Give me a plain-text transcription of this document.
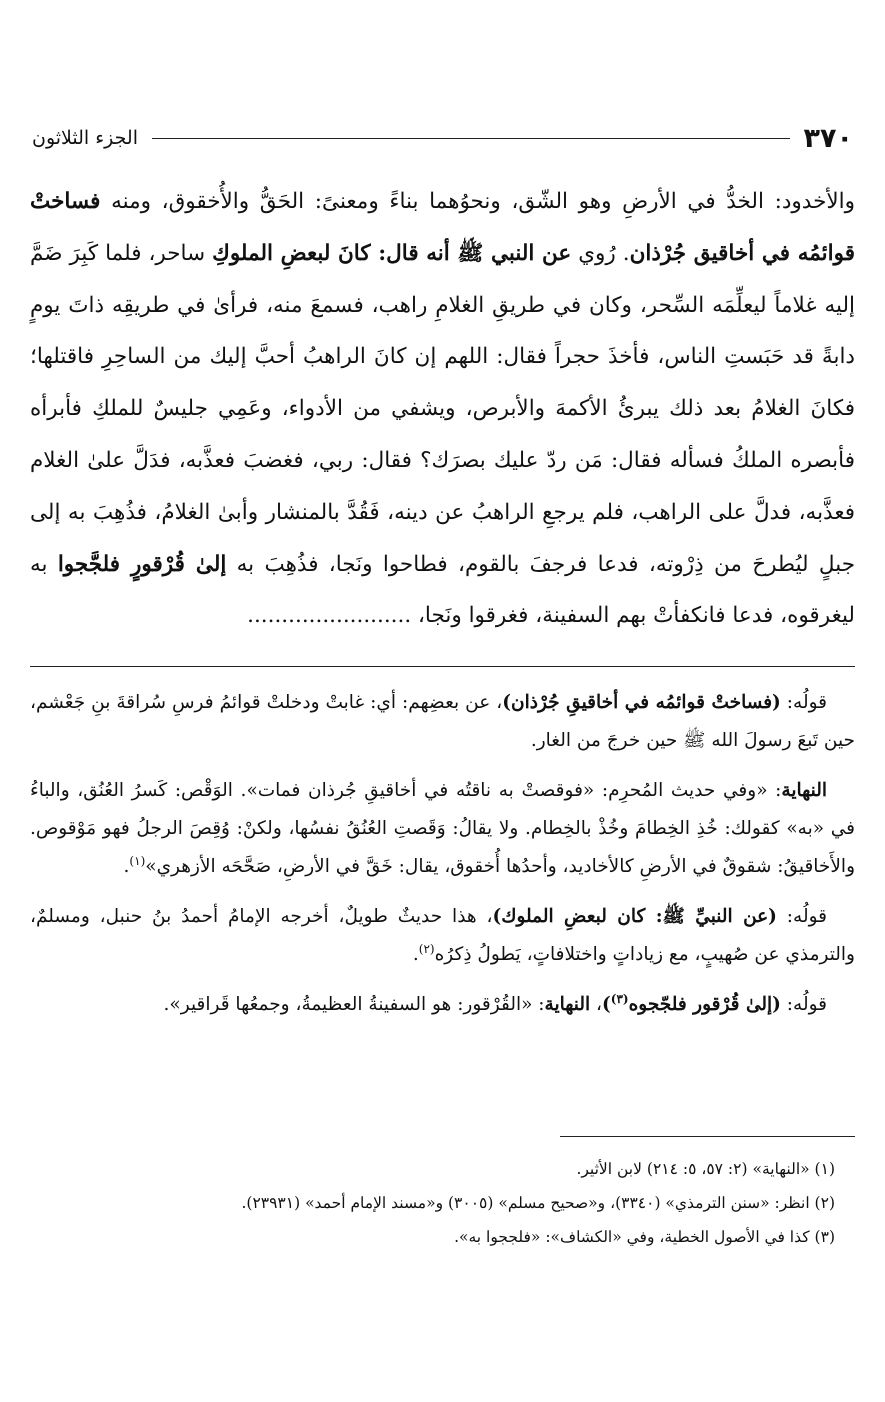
٣٧٠
الجزء الثلاثون

والأخدود: الخدُّ في الأرضِ وهو الشّق، ونحوُهما بناءً ومعنىً: الحَقُّ والأُخقوق، ومنه فساختْ قوائمُه في أخاقيق جُرْذان. رُوي عن النبي ﷺ أنه قال: كانَ لبعضِ الملوكِ ساحر، فلما كَبِرَ ضَمَّ إليه غلاماً ليعلِّمَه السِّحر، وكان في طريقِ الغلامِ راهب، فسمعَ منه، فرأىٰ في طريقِه ذاتَ يومٍ دابةً قد حَبَستِ الناس، فأخذَ حجراً فقال: اللهم إن كانَ الراهبُ أحبَّ إليك من الساحِرِ فاقتلها؛ فكانَ الغلامُ بعد ذلك يبرئُ الأكمهَ والأبرص، ويشفي من الأدواء، وعَمِي جليسٌ للملكِ فأبرأه فأبصره الملكُ فسأله فقال: مَن ردّ عليك بصرَك؟ فقال: ربي، فغضبَ فعذَّبه، فدَلَّ علىٰ الغلام فعذَّبه، فدلَّ على الراهب، فلم يرجعِ الراهبُ عن دينه، فَقُدَّ بالمنشار وأبىٰ الغلامُ، فذُهِبَ به إلى جبلٍ ليُطرحَ من ذِرْوته، فدعا فرجفَ بالقوم، فطاحوا ونَجا، فذُهِبَ به إلىٰ قُرْقورٍ فلجَّجوا به ليغرقوه، فدعا فانكفأتْ بهم السفينة، فغرقوا ونَجا، ........................

قولُه: (فساختْ قوائمُه في أخاقيقِ جُرْذان)، عن بعضِهم: أي: غابتْ ودخلتْ قوائمُ فرسِ سُراقةَ بنِ جَعْشم، حين تَبعَ رسولَ الله ﷺ حين خرجَ من الغار.

النهاية: «وفي حديث المُحرِم: «فوقصتْ به ناقتُه في أخاقيقِ جُرذان فمات». الوَقْص: كَسرُ العُنُق، والباءُ في «به» كقولك: خُذِ الخِطامَ وخُذْ بالخِطام. ولا يقالُ: وَقَصتِ العُنُقُ نفسُها، ولكنْ: وُقِصَ الرجلُ فهو مَوْقوص. والأَخاقيقُ: شقوقٌ في الأرضِ كالأخاديد، وأحدُها أُخقوق، يقال: خَقَّ في الأرضِ، صَحَّحَه الأزهري»$^{(١)}$.

قولُه: (عن النبيِّ ﷺ: كان لبعضِ الملوك)، هذا حديثٌ طويلٌ، أخرجه الإمامُ أحمدُ بنُ حنبل، ومسلمٌ، والترمذي عن صُهيبٍ، مع زياداتٍ واختلافاتٍ، يَطولُ ذِكرُه$^{(٢)}$.

قولُه: (إلىٰ قُرْقور فلجّجوه$^{(٣)}$)، النهاية: «القُرْقور: هو السفينةُ العظيمةُ، وجمعُها قَراقير».

(١) «النهاية» (٢: ٥٧، ٥: ٢١٤) لابن الأثير.

(٢) انظر: «سنن الترمذي» (٣٣٤٠)، و«صحيح مسلم» (٣٠٠٥) و«مسند الإمام أحمد» (٢٣٩٣١).

(٣) كذا في الأصول الخطية، وفي «الكشاف»: «فلججوا به».
